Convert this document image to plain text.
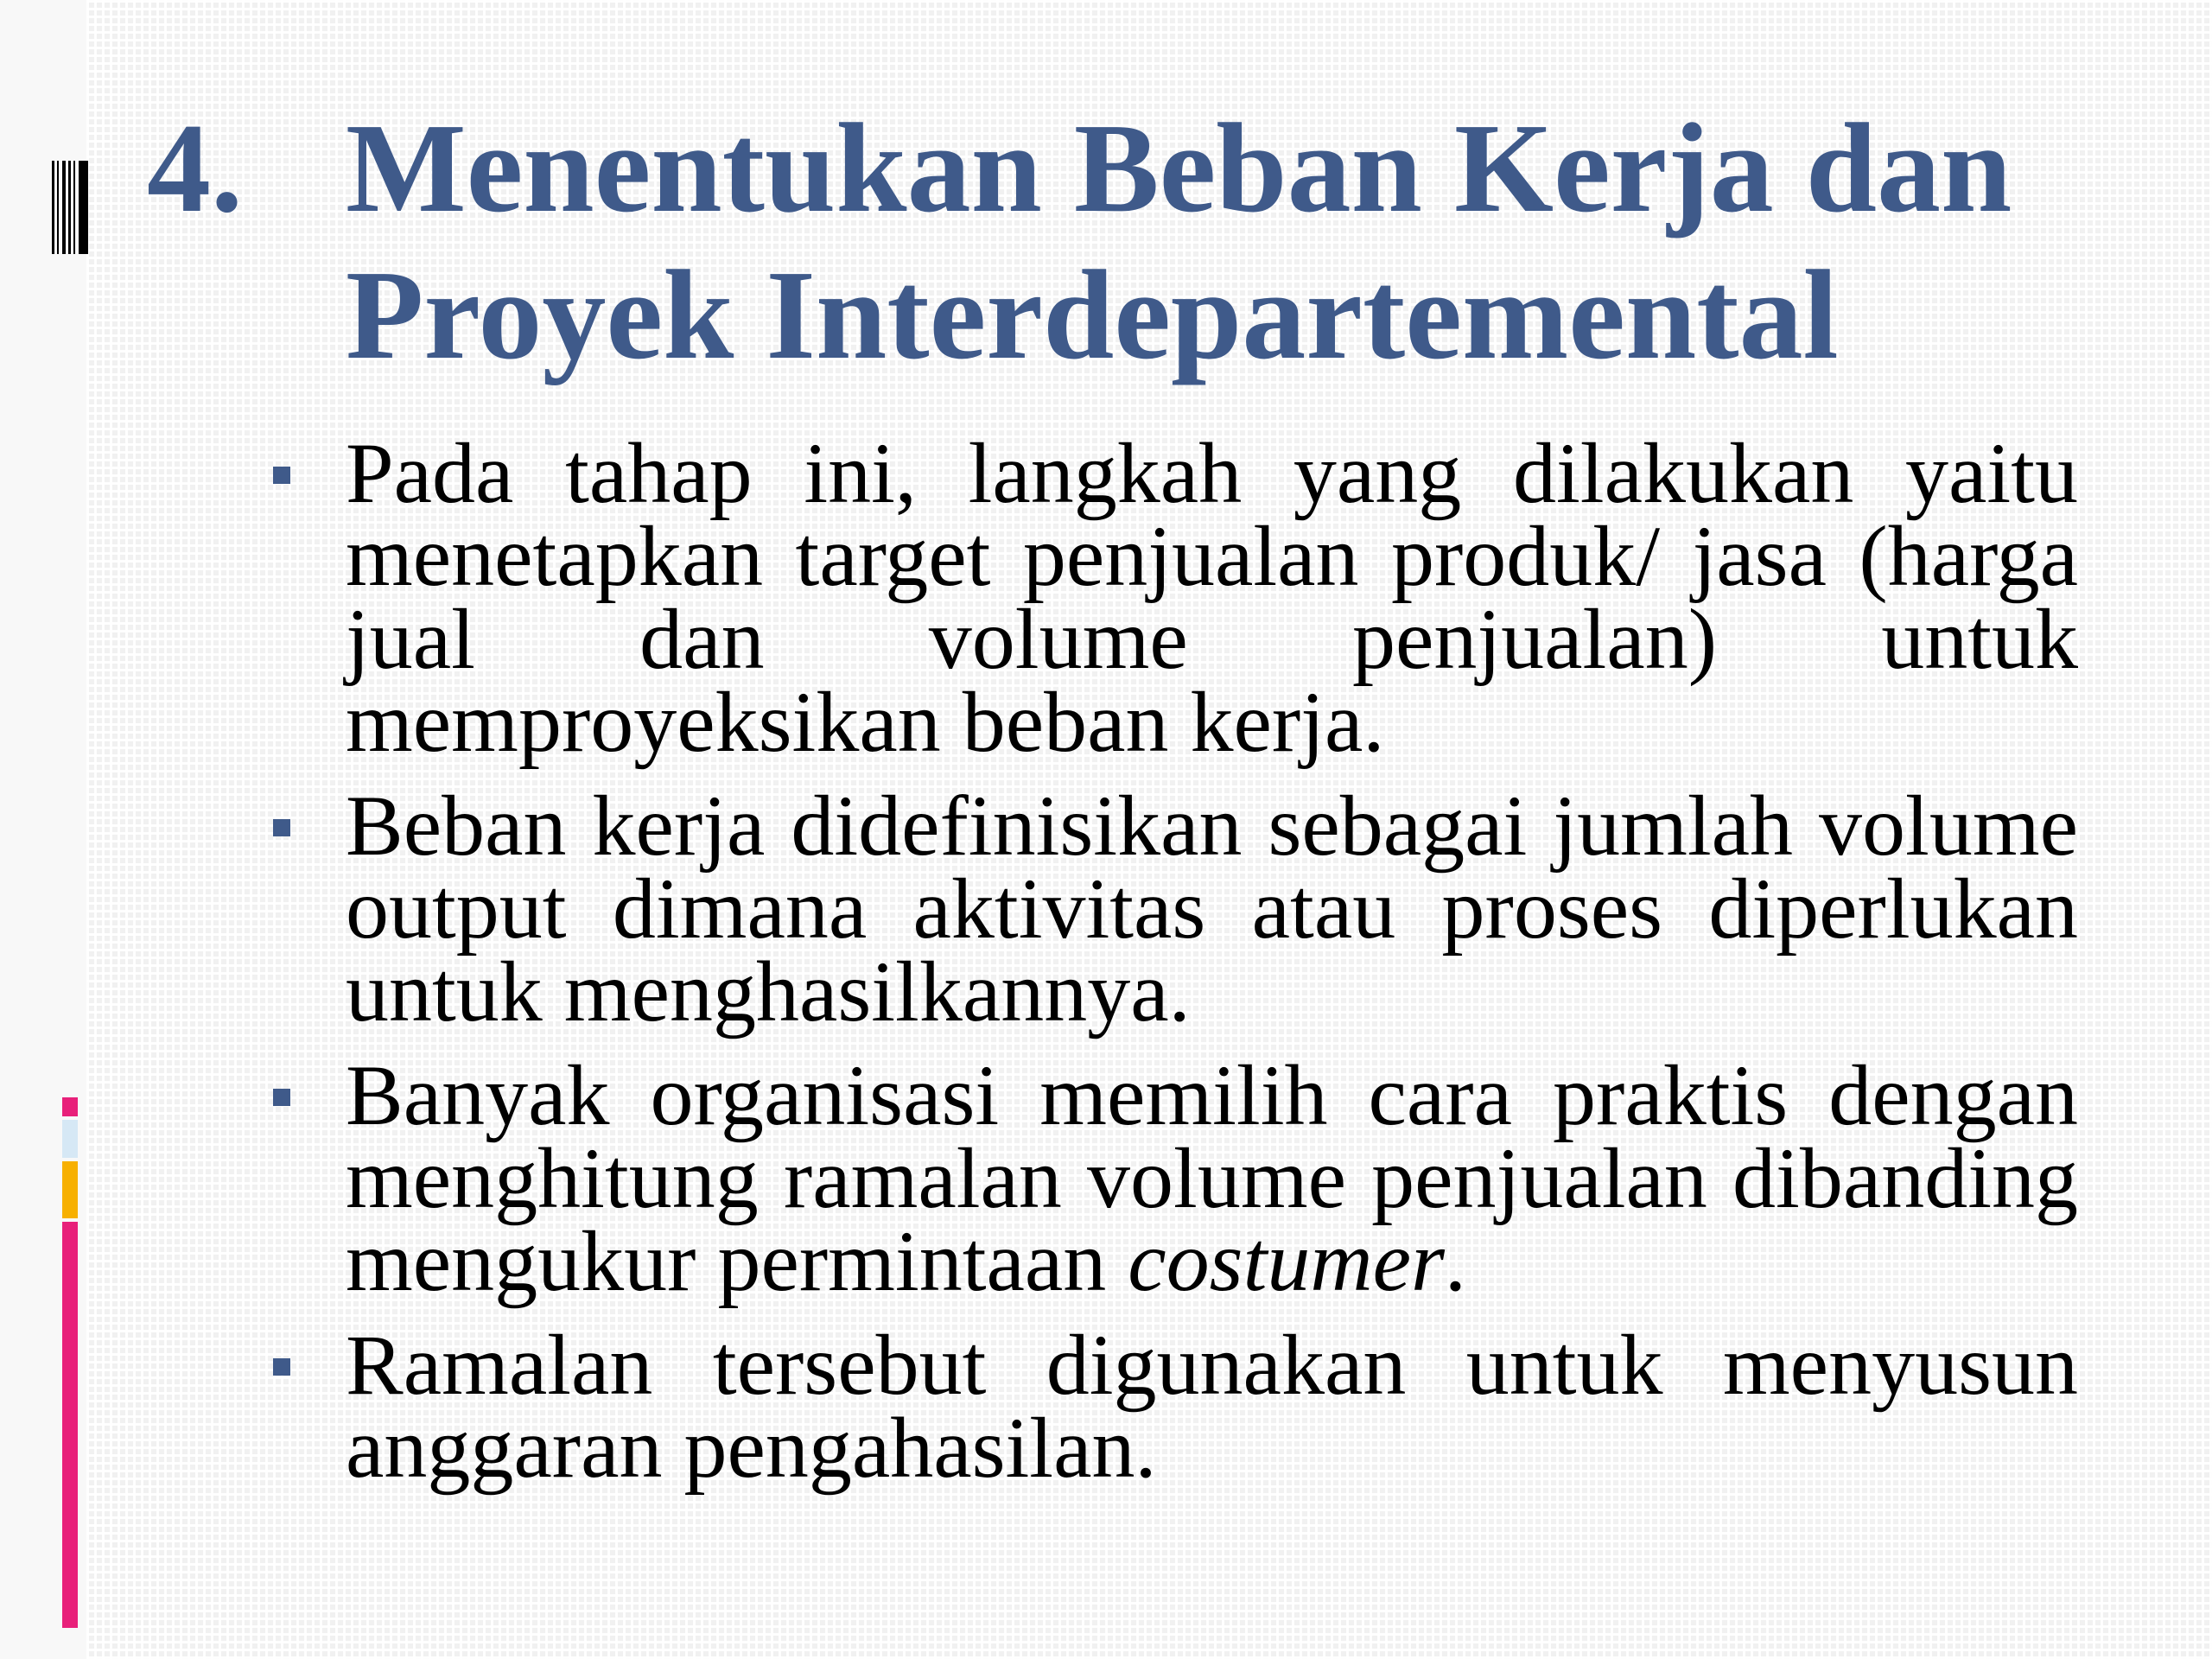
4. Menentukan Beban Kerja dan
Proyek Interdepartemental
Pada tahap ini, langkah yang dilakukan yaitu menetapkan target penjualan produk/ jasa (harga jual dan volume penjualan) untuk memproyeksikan beban kerja.
Beban kerja didefinisikan sebagai jumlah volume output dimana aktivitas atau proses diperlukan untuk menghasilkannya.
Banyak organisasi memilih cara praktis dengan menghitung ramalan volume penjualan dibanding mengukur permintaan costumer.
Ramalan tersebut digunakan untuk menyusun anggaran pengahasilan.
